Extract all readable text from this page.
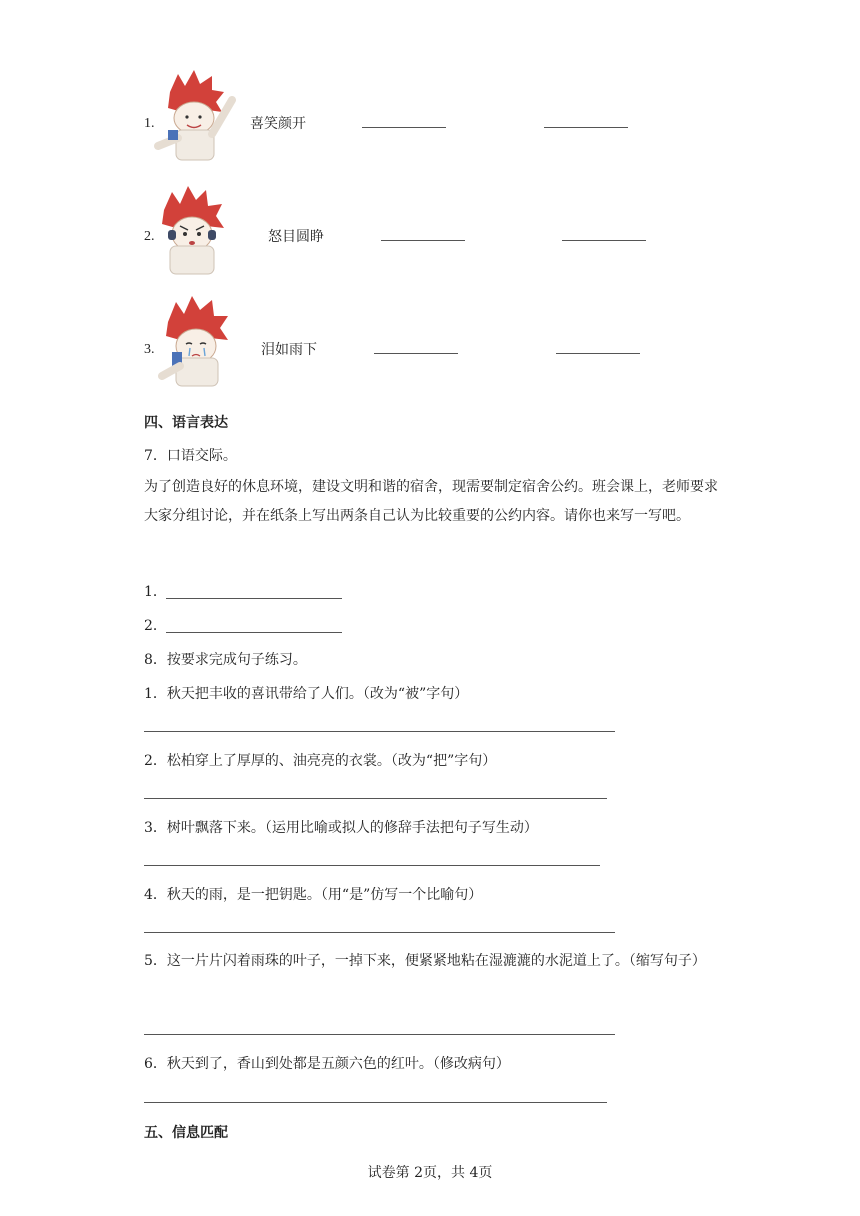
1.	喜笑颜开
2.	怒目圆睁
3.	泪如雨下
四、语言表达
7．口语交际。
为了创造良好的休息环境，建设文明和谐的宿舍，现需要制定宿舍公约。班会课上，老师要求大家分组讨论，并在纸条上写出两条自己认为比较重要的公约内容。请你也来写一写吧。
1．
2．
8．按要求完成句子练习。
1．秋天把丰收的喜讯带给了人们。（改为“被”字句）
2．松柏穿上了厚厚的、油亮亮的衣裳。（改为“把”字句）
3．树叶飘落下来。（运用比喻或拟人的修辞手法把句子写生动）
4．秋天的雨，是一把钥匙。（用“是”仿写一个比喻句）
5．这一片片闪着雨珠的叶子，一掉下来，便紧紧地粘在湿漉漉的水泥道上了。（缩写句子）
6．秋天到了，香山到处都是五颜六色的红叶。（修改病句）
五、信息匹配
试卷第 2页，共 4页
